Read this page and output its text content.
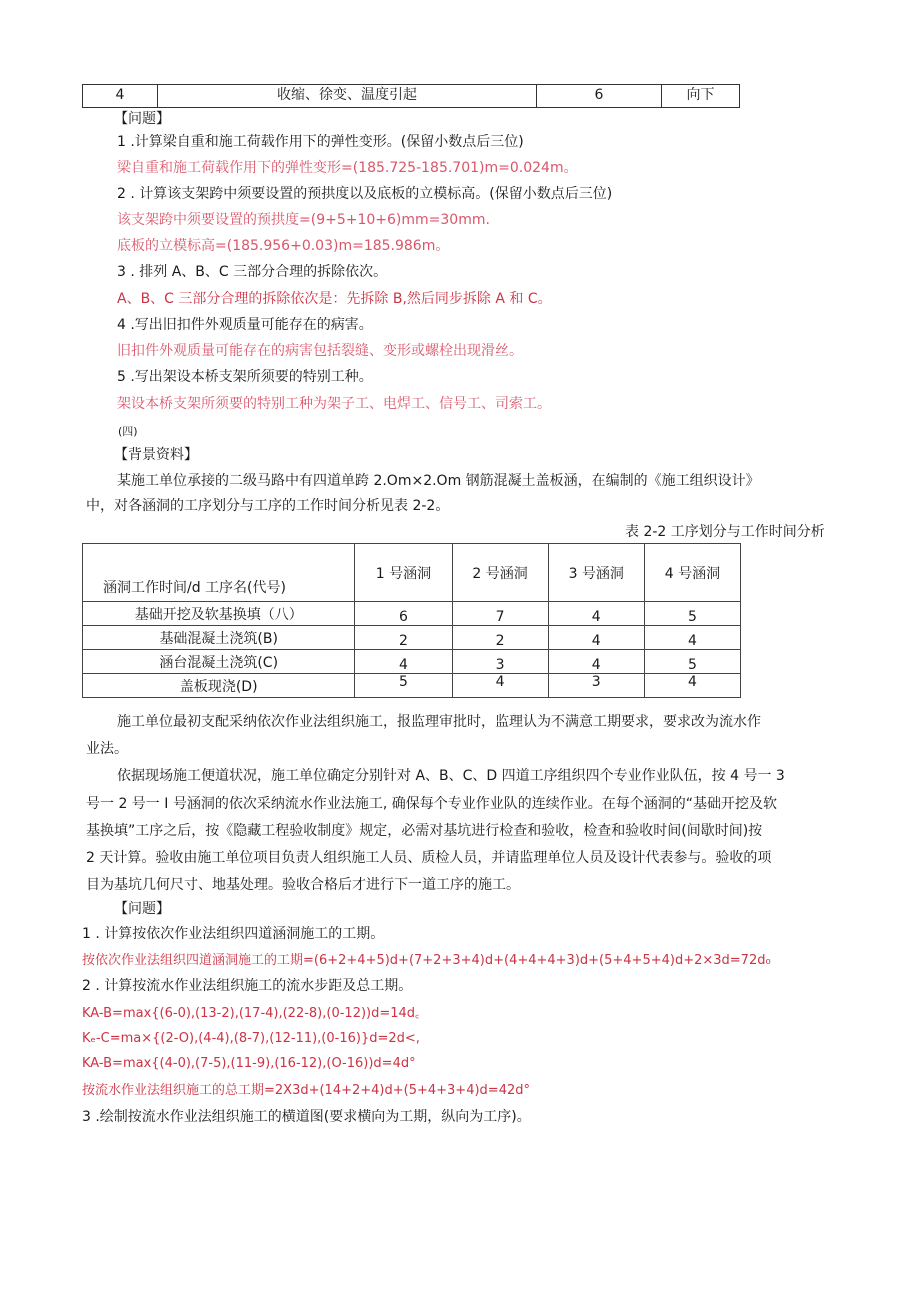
4	收缩、徐变、温度引起	6	向下
【问题】
1 .计算梁自重和施工荷载作用下的弹性变形。(保留小数点后三位)
梁自重和施工荷载作用下的弹性变形=(185.725-185.701)m=0.024m。
2 . 计算该支架跨中须要设置的预拱度以及底板的立模标高。(保留小数点后三位)
该支架跨中须要设置的预拱度=(9+5+10+6)mm=30mm.
底板的立模标高=(185.956+0.03)m=185.986m。
3 . 排列 A、B、C 三部分合理的拆除依次。
A、B、C 三部分合理的拆除依次是：先拆除 B,然后同步拆除 A 和 C。
4 .写出旧扣件外观质量可能存在的病害。
旧扣件外观质量可能存在的病害包括裂缝、变形或螺栓出现滑丝。
5 .写出架设本桥支架所须要的特别工种。
架设本桥支架所须要的特别工种为架子工、电焊工、信号工、司索工。
(四)
【背景资料】
某施工单位承接的二级马路中有四道单跨 2.Om×2.Om 钢筋混凝土盖板涵，在编制的《施工组织设计》
中，对各涵洞的工序划分与工序的工作时间分析见表 2-2。
表 2-2 工序划分与工作时间分析
涵洞工作时间/d 工序名(代号)	1 号涵洞	2 号涵洞	3 号涵洞	4 号涵洞
基础开挖及软基换填（八）	6	7	4	5
基础混凝土浇筑(B)	2	2	4	4
涵台混凝土浇筑(C)	4	3	4	5
盖板现浇(D)	5	4	3	4
施工单位最初支配采纳依次作业法组织施工，报监理审批时，监理认为不满意工期要求，要求改为流水作
业法。
依据现场施工便道状况，施工单位确定分别针对 A、B、C、D 四道工序组织四个专业作业队伍，按 4 号一 3
号一 2 号一 I 号涵洞的依次采纳流水作业法施工, 确保每个专业作业队的连续作业。在每个涵洞的“基础开挖及软
基换填”工序之后，按《隐藏工程验收制度》规定，必需对基坑进行检查和验收，检查和验收时间(间歇时间)按
2 天计算。验收由施工单位项目负责人组织施工人员、质检人员，并请监理单位人员及设计代表参与。验收的项
目为基坑几何尺寸、地基处理。验收合格后才进行下一道工序的施工。
【问题】
1 . 计算按依次作业法组织四道涵洞施工的工期。
按依次作业法组织四道涵洞施工的工期=(6+2+4+5)d+(7+2+3+4)d+(4+4+4+3)d+(5+4+5+4)d+2×3d=72d₀
2 . 计算按流水作业法组织施工的流水步距及总工期。
KA-B=max{(6-0),(13-2),(17-4),(22-8),(0-12))d=14d꜀
Kₑ-C=ma×{(2-O),(4-4),(8-7),(12-11),(0-16)}d=2d<,
KA-B=max{(4-0),(7-5),(11-9),(16-12),(O-16))d=4d°
按流水作业法组织施工的总工期=2X3d+(14+2+4)d+(5+4+3+4)d=42d°
3 .绘制按流水作业法组织施工的横道图(要求横向为工期，纵向为工序)。
